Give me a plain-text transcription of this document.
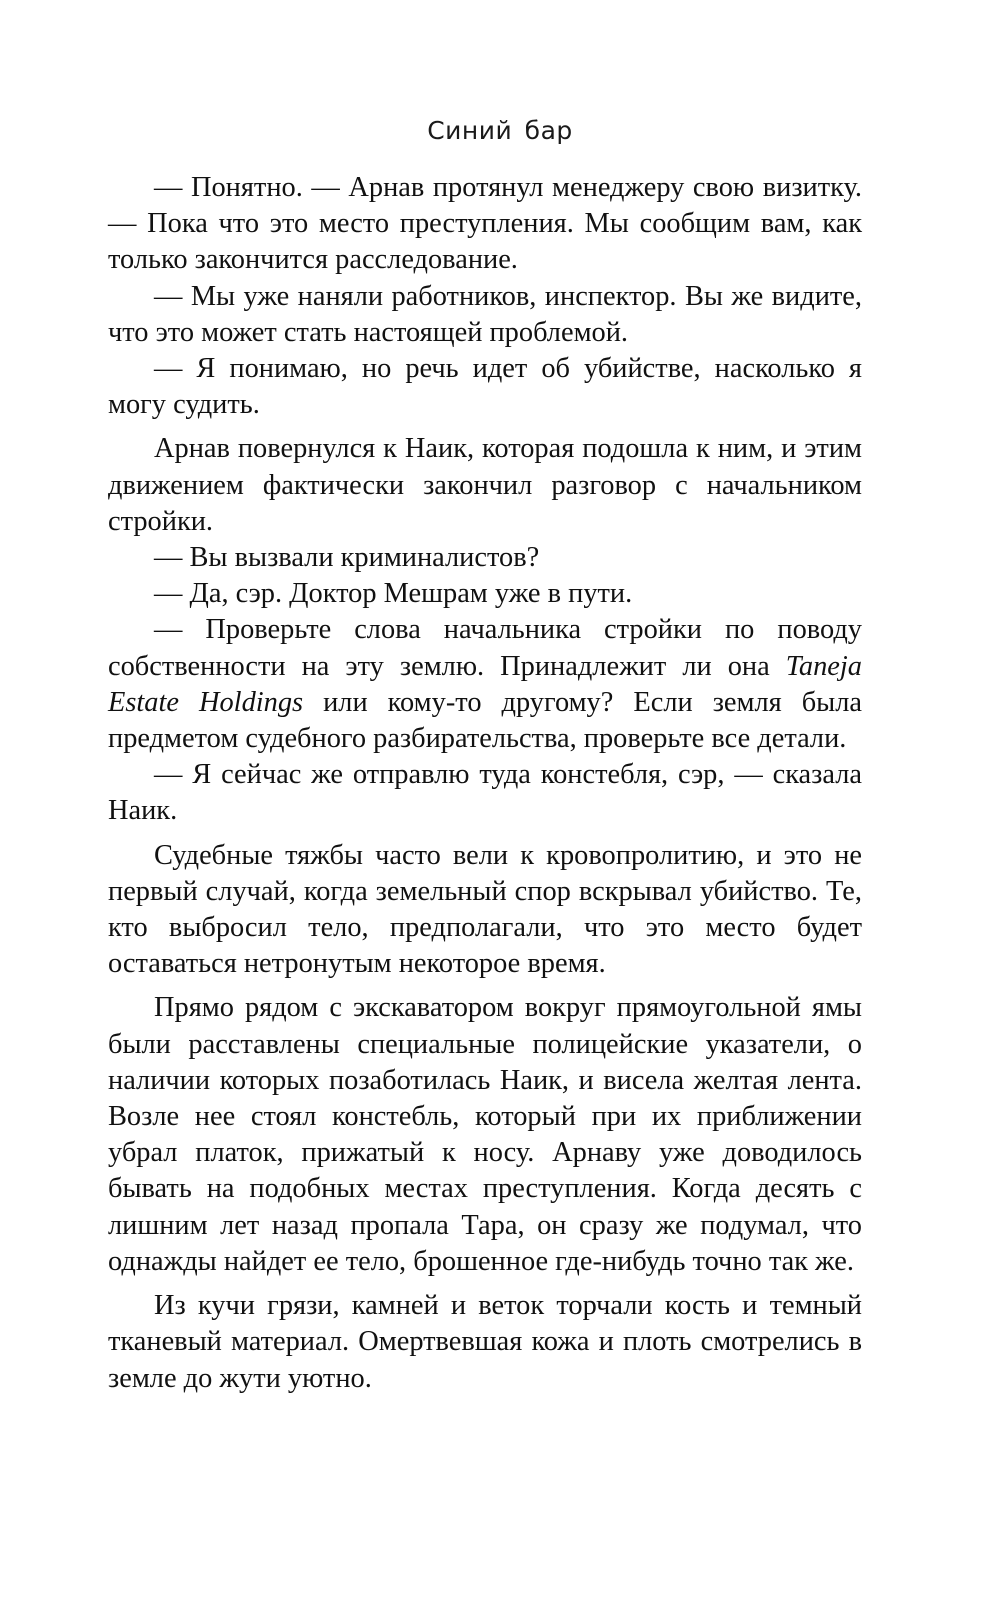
Синий бар

— Понятно. — Арнав протянул менеджеру свою визитку. — Пока что это место преступления. Мы сообщим вам, как только закончится расследование.

— Мы уже наняли работников, инспектор. Вы же видите, что это может стать настоящей проблемой.

— Я понимаю, но речь идет об убийстве, насколько я могу судить.

Арнав повернулся к Наик, которая подошла к ним, и этим движением фактически закончил разговор с начальником стройки.

— Вы вызвали криминалистов?

— Да, сэр. Доктор Мешрам уже в пути.

— Проверьте слова начальника стройки по поводу собственности на эту землю. Принадлежит ли она Taneja Estate Holdings или кому-то другому? Если земля была предметом судебного разбирательства, проверьте все детали.

— Я сейчас же отправлю туда констебля, сэр, — сказала Наик.

Судебные тяжбы часто вели к кровопролитию, и это не первый случай, когда земельный спор вскрывал убийство. Те, кто выбросил тело, предполагали, что это место будет оставаться нетронутым некоторое время.

Прямо рядом с экскаватором вокруг прямоугольной ямы были расставлены специальные полицейские указатели, о наличии которых позаботилась Наик, и висела желтая лента. Возле нее стоял констебль, который при их приближении убрал платок, прижатый к носу. Арнаву уже доводилось бывать на подобных местах преступления. Когда десять с лишним лет назад пропала Тара, он сразу же подумал, что однажды найдет ее тело, брошенное где-нибудь точно так же.

Из кучи грязи, камней и веток торчали кость и темный тканевый материал. Омертвевшая кожа и плоть смотрелись в земле до жути уютно.
